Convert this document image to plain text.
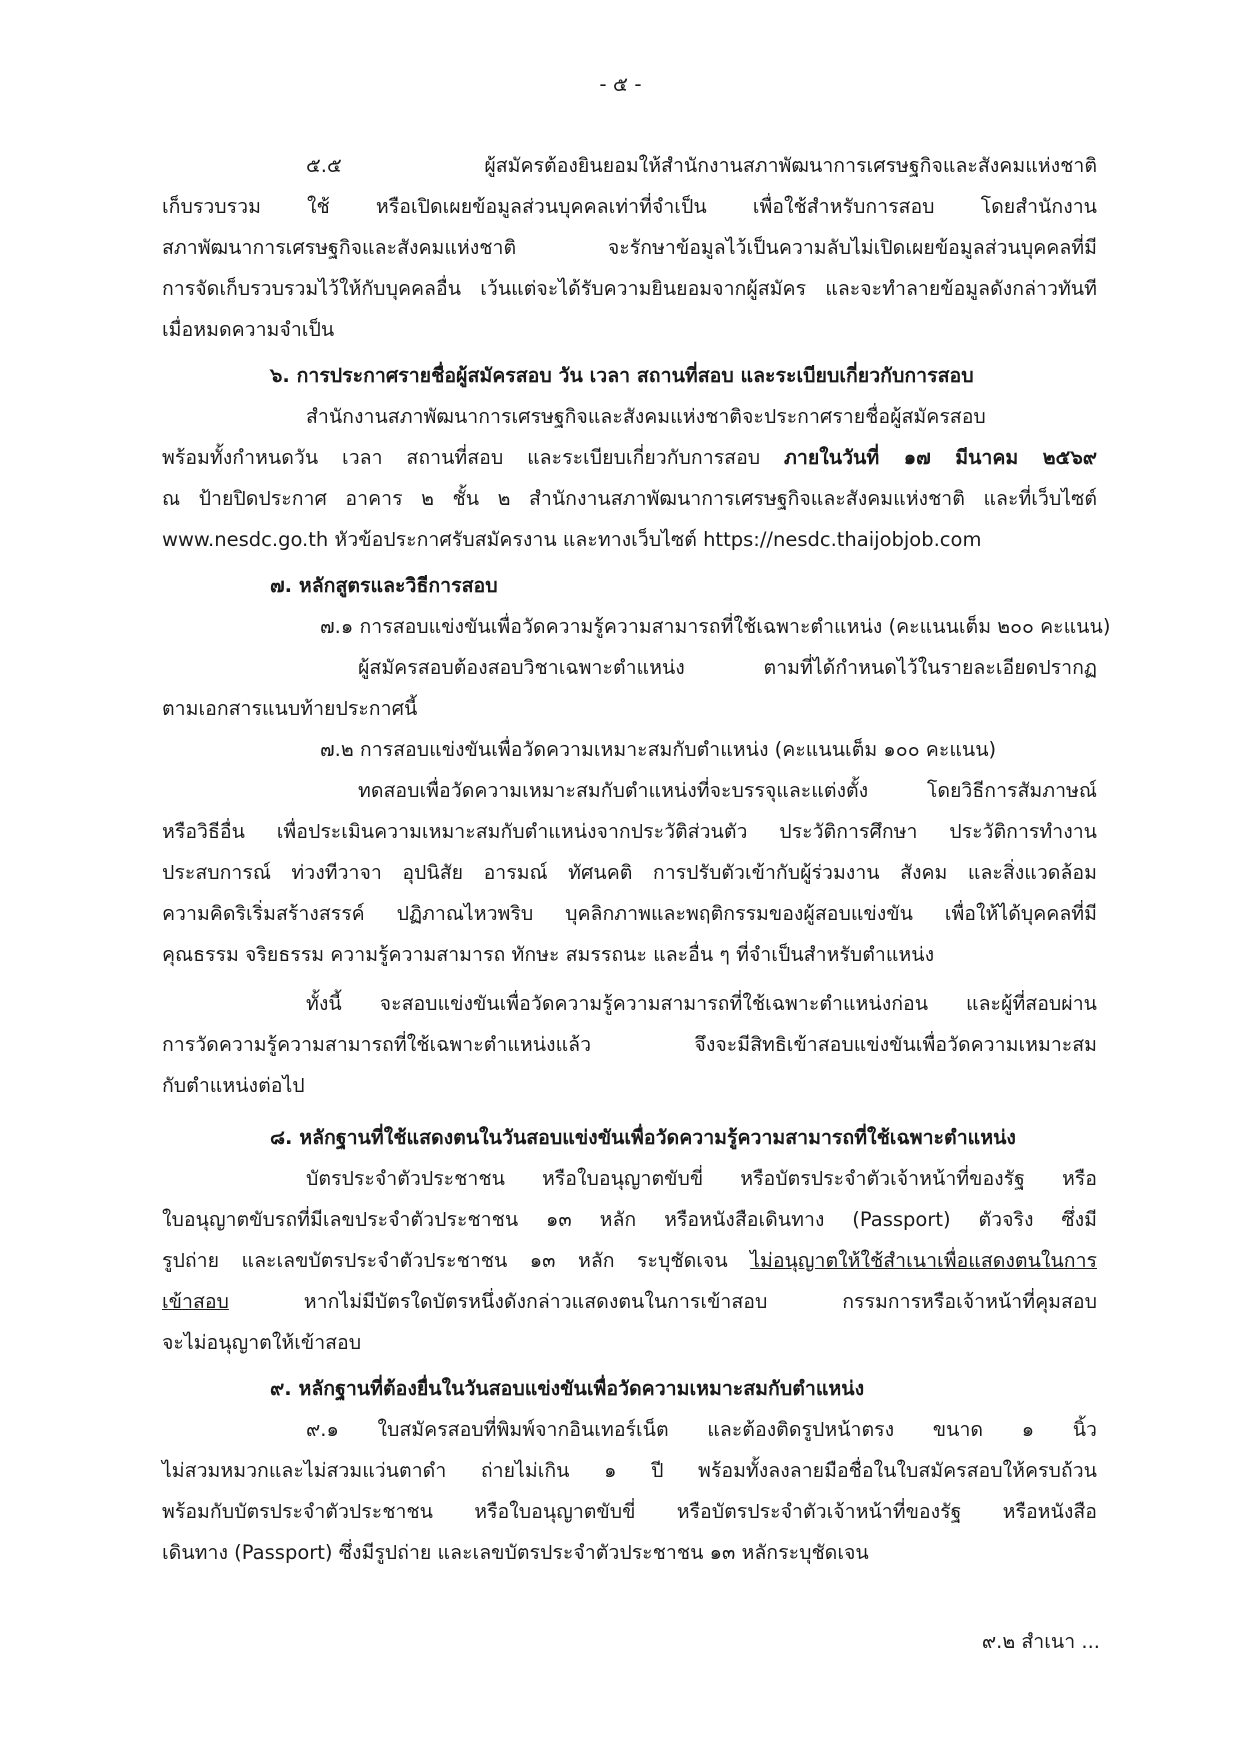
- ๕ -
๕.๕ ผู้สมัครต้องยินยอมให้สำนักงานสภาพัฒนาการเศรษฐกิจและสังคมแห่งชาติ
เก็บรวบรวม ใช้ หรือเปิดเผยข้อมูลส่วนบุคคลเท่าที่จำเป็น เพื่อใช้สำหรับการสอบ โดยสำนักงาน
สภาพัฒนาการเศรษฐกิจและสังคมแห่งชาติ จะรักษาข้อมูลไว้เป็นความลับไม่เปิดเผยข้อมูลส่วนบุคคลที่มี
การจัดเก็บรวบรวมไว้ให้กับบุคคลอื่น เว้นแต่จะได้รับความยินยอมจากผู้สมัคร และจะทำลายข้อมูลดังกล่าวทันที
เมื่อหมดความจำเป็น
๖. การประกาศรายชื่อผู้สมัครสอบ วัน เวลา สถานที่สอบ และระเบียบเกี่ยวกับการสอบ
สำนักงานสภาพัฒนาการเศรษฐกิจและสังคมแห่งชาติจะประกาศรายชื่อผู้สมัครสอบ
พร้อมทั้งกำหนดวัน เวลา สถานที่สอบ และระเบียบเกี่ยวกับการสอบ ภายในวันที่ ๑๗ มีนาคม ๒๕๖๙
ณ ป้ายปิดประกาศ อาคาร ๒ ชั้น ๒ สำนักงานสภาพัฒนาการเศรษฐกิจและสังคมแห่งชาติ และที่เว็บไซต์
www.nesdc.go.th หัวข้อประกาศรับสมัครงาน และทางเว็บไซต์ https://nesdc.thaijobjob.com
๗. หลักสูตรและวิธีการสอบ
๗.๑ การสอบแข่งขันเพื่อวัดความรู้ความสามารถที่ใช้เฉพาะตำแหน่ง (คะแนนเต็ม ๒๐๐ คะแนน)
ผู้สมัครสอบต้องสอบวิชาเฉพาะตำแหน่ง ตามที่ได้กำหนดไว้ในรายละเอียดปรากฏ
ตามเอกสารแนบท้ายประกาศนี้
๗.๒ การสอบแข่งขันเพื่อวัดความเหมาะสมกับตำแหน่ง (คะแนนเต็ม ๑๐๐ คะแนน)
ทดสอบเพื่อวัดความเหมาะสมกับตำแหน่งที่จะบรรจุและแต่งตั้ง โดยวิธีการสัมภาษณ์
หรือวิธีอื่น เพื่อประเมินความเหมาะสมกับตำแหน่งจากประวัติส่วนตัว ประวัติการศึกษา ประวัติการทำงาน
ประสบการณ์ ท่วงทีวาจา อุปนิสัย อารมณ์ ทัศนคติ การปรับตัวเข้ากับผู้ร่วมงาน สังคม และสิ่งแวดล้อม
ความคิดริเริ่มสร้างสรรค์ ปฏิภาณไหวพริบ บุคลิกภาพและพฤติกรรมของผู้สอบแข่งขัน เพื่อให้ได้บุคคลที่มี
คุณธรรม จริยธรรม ความรู้ความสามารถ ทักษะ สมรรถนะ และอื่น ๆ ที่จำเป็นสำหรับตำแหน่ง
ทั้งนี้ จะสอบแข่งขันเพื่อวัดความรู้ความสามารถที่ใช้เฉพาะตำแหน่งก่อน และผู้ที่สอบผ่าน
การวัดความรู้ความสามารถที่ใช้เฉพาะตำแหน่งแล้ว จึงจะมีสิทธิเข้าสอบแข่งขันเพื่อวัดความเหมาะสม
กับตำแหน่งต่อไป
๘. หลักฐานที่ใช้แสดงตนในวันสอบแข่งขันเพื่อวัดความรู้ความสามารถที่ใช้เฉพาะตำแหน่ง
บัตรประจำตัวประชาชน หรือใบอนุญาตขับขี่ หรือบัตรประจำตัวเจ้าหน้าที่ของรัฐ หรือ
ใบอนุญาตขับรถที่มีเลขประจำตัวประชาชน ๑๓ หลัก หรือหนังสือเดินทาง (Passport) ตัวจริง ซึ่งมี
รูปถ่าย และเลขบัตรประจำตัวประชาชน ๑๓ หลัก ระบุชัดเจน ไม่อนุญาตให้ใช้สำเนาเพื่อแสดงตนในการ
เข้าสอบ หากไม่มีบัตรใดบัตรหนึ่งดังกล่าวแสดงตนในการเข้าสอบ กรรมการหรือเจ้าหน้าที่คุมสอบ
จะไม่อนุญาตให้เข้าสอบ
๙. หลักฐานที่ต้องยื่นในวันสอบแข่งขันเพื่อวัดความเหมาะสมกับตำแหน่ง
๙.๑ ใบสมัครสอบที่พิมพ์จากอินเทอร์เน็ต และต้องติดรูปหน้าตรง ขนาด ๑ นิ้ว
ไม่สวมหมวกและไม่สวมแว่นตาดำ ถ่ายไม่เกิน ๑ ปี พร้อมทั้งลงลายมือชื่อในใบสมัครสอบให้ครบถ้วน
พร้อมกับบัตรประจำตัวประชาชน หรือใบอนุญาตขับขี่ หรือบัตรประจำตัวเจ้าหน้าที่ของรัฐ หรือหนังสือ
เดินทาง (Passport) ซึ่งมีรูปถ่าย และเลขบัตรประจำตัวประชาชน ๑๓ หลักระบุชัดเจน
๙.๒ สำเนา ...
